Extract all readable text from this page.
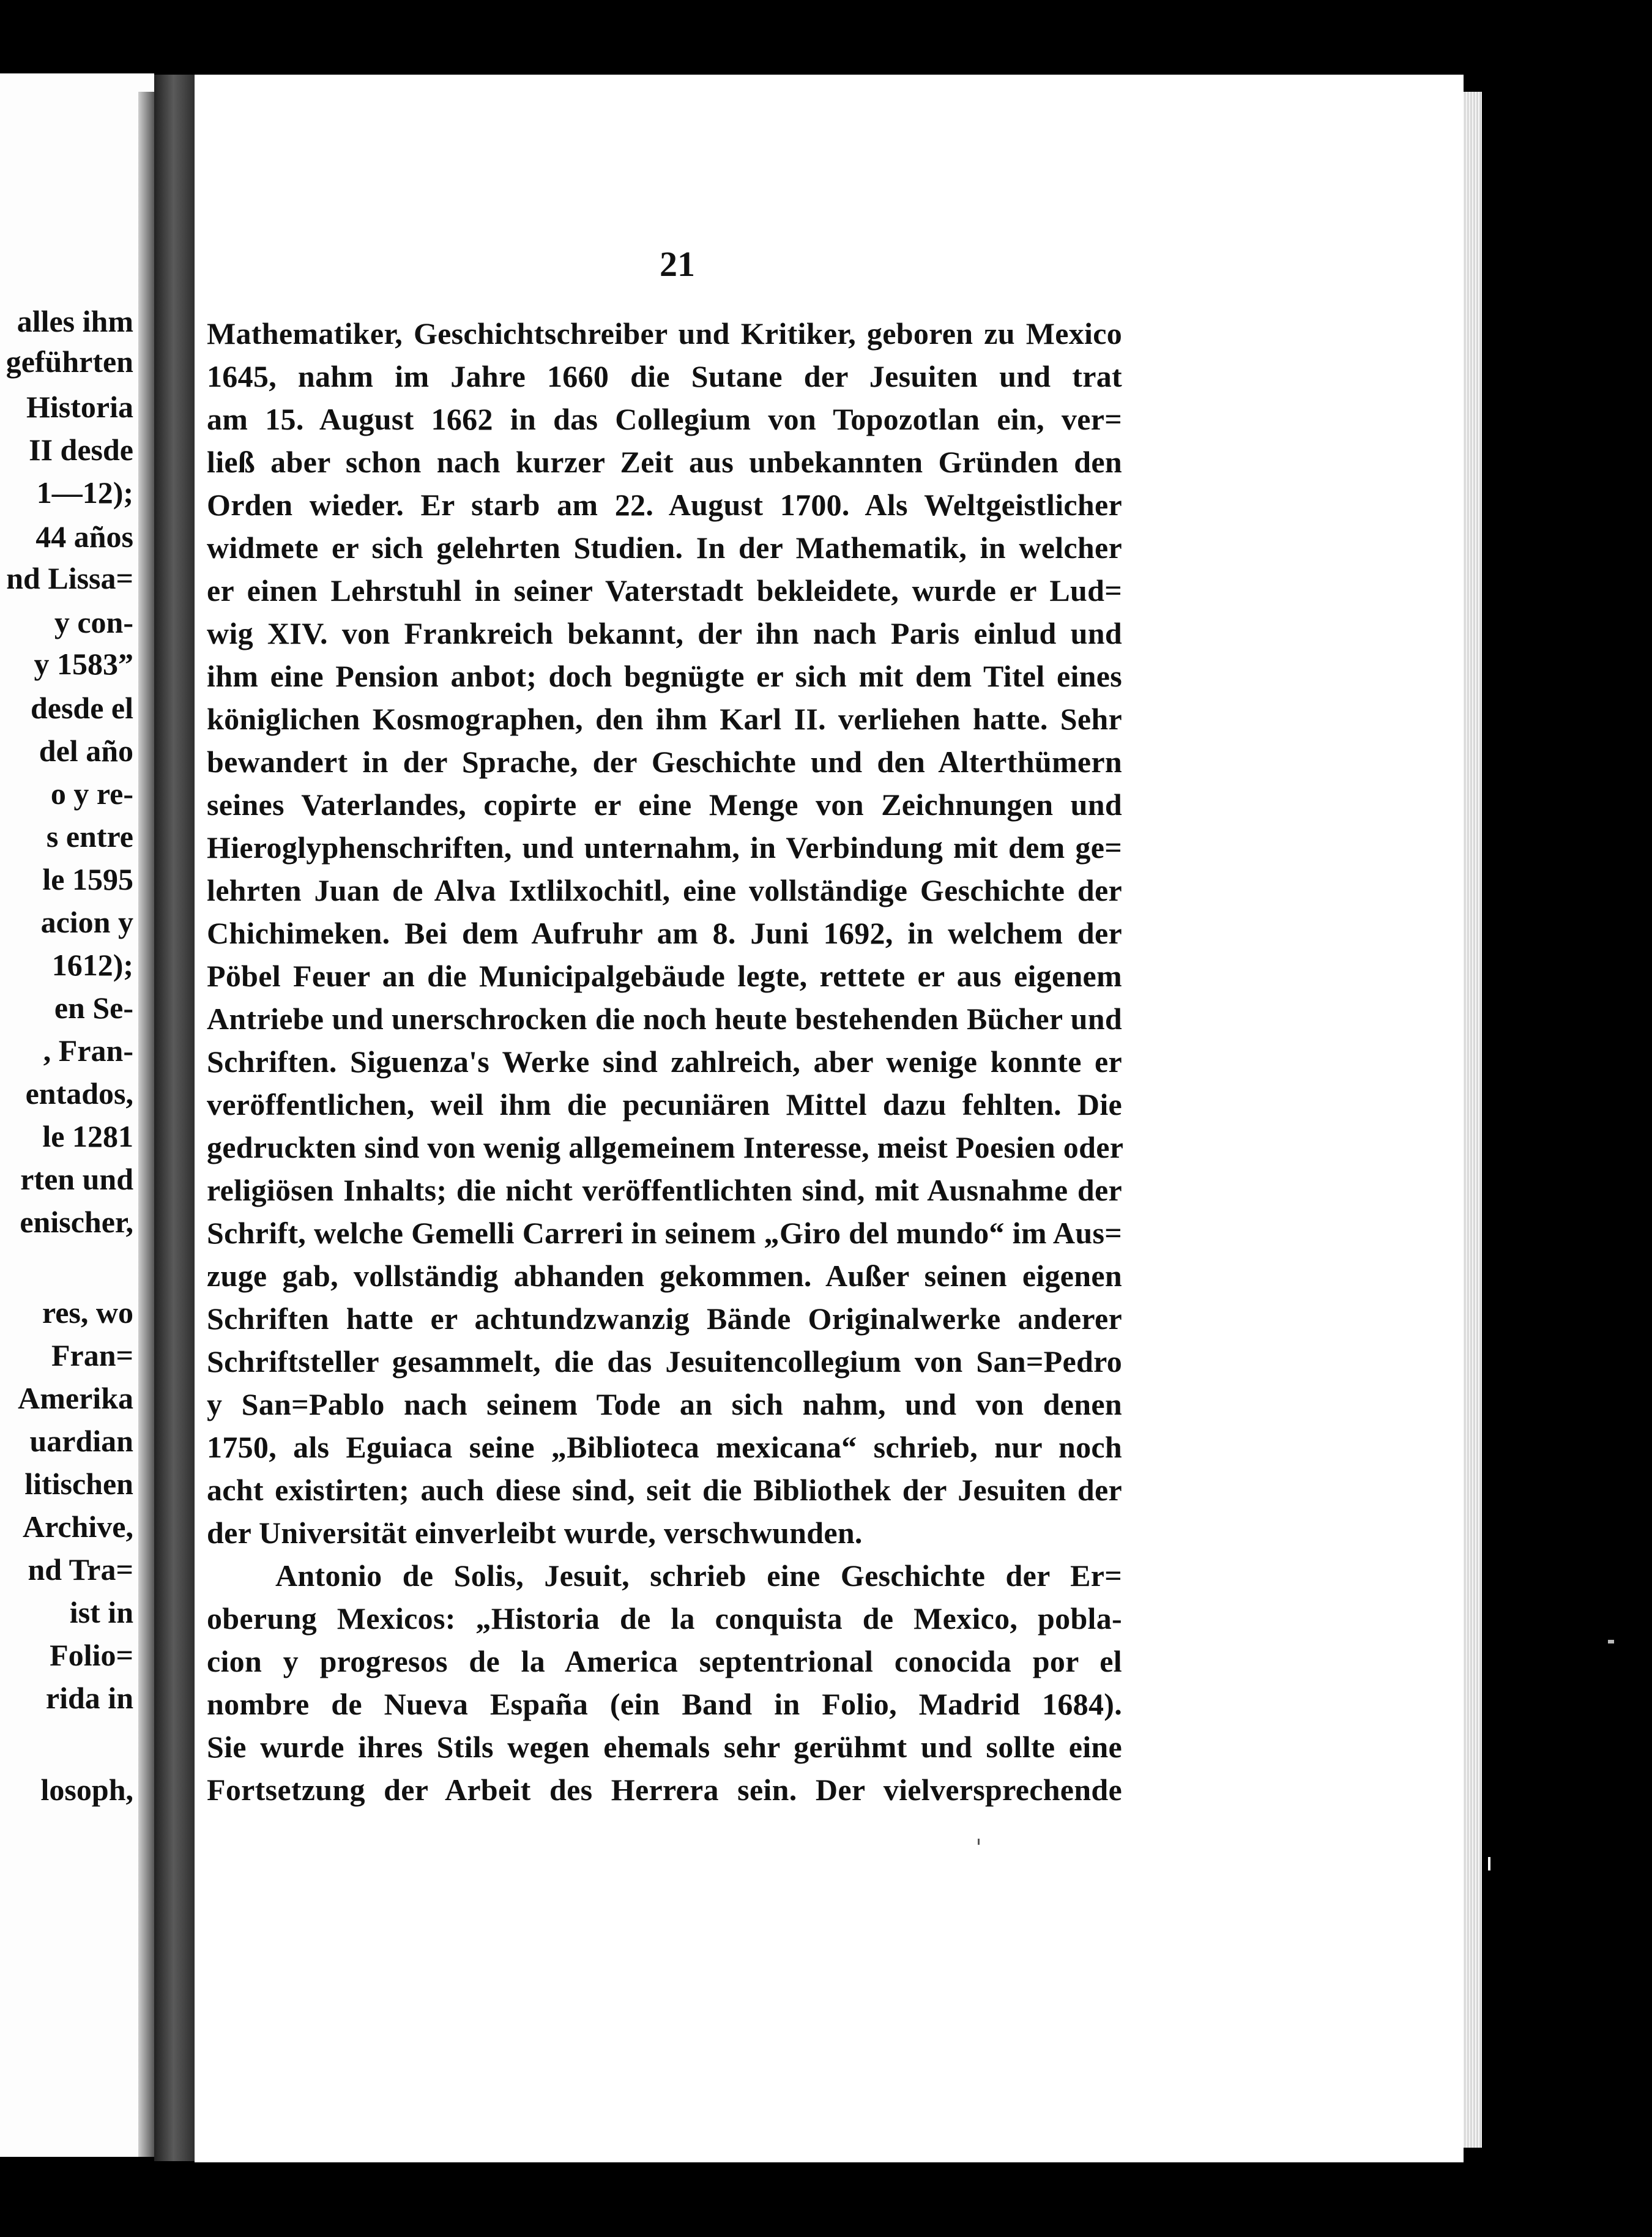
alles ihm
geführten
Historia
II desde
1—12);
44 años
nd Lissa=
y con-
y 1583”
desde el
del año
o y re-
s entre
le 1595
acion y
1612);
en Se-
, Fran-
entados,
le 1281
rten und
enischer,
res, wo
Fran=
Amerika
uardian
litischen
Archive,
nd Tra=
ist in
Folio=
rida in
losoph,
21
Mathematiker, Geschichtschreiber und Kritiker, geboren zu Mexico
1645, nahm im Jahre 1660 die Sutane der Jesuiten und trat
am 15. August 1662 in das Collegium von Topozotlan ein, ver=
ließ aber schon nach kurzer Zeit aus unbekannten Gründen den
Orden wieder. Er starb am 22. August 1700. Als Weltgeistlicher
widmete er sich gelehrten Studien. In der Mathematik, in welcher
er einen Lehrstuhl in seiner Vaterstadt bekleidete, wurde er Lud=
wig XIV. von Frankreich bekannt, der ihn nach Paris einlud und
ihm eine Pension anbot; doch begnügte er sich mit dem Titel eines
königlichen Kosmographen, den ihm Karl II. verliehen hatte. Sehr
bewandert in der Sprache, der Geschichte und den Alterthümern
seines Vaterlandes, copirte er eine Menge von Zeichnungen und
Hieroglyphenschriften, und unternahm, in Verbindung mit dem ge=
lehrten Juan de Alva Ixtlilxochitl, eine vollständige Geschichte der
Chichimeken. Bei dem Aufruhr am 8. Juni 1692, in welchem der
Pöbel Feuer an die Municipalgebäude legte, rettete er aus eigenem
Antriebe und unerschrocken die noch heute bestehenden Bücher und
Schriften. Siguenza's Werke sind zahlreich, aber wenige konnte er
veröffentlichen, weil ihm die pecuniären Mittel dazu fehlten. Die
gedruckten sind von wenig allgemeinem Interesse, meist Poesien oder
religiösen Inhalts; die nicht veröffentlichten sind, mit Ausnahme der
Schrift, welche Gemelli Carreri in seinem „Giro del mundo“ im Aus=
zuge gab, vollständig abhanden gekommen. Außer seinen eigenen
Schriften hatte er achtundzwanzig Bände Originalwerke anderer
Schriftsteller gesammelt, die das Jesuitencollegium von San=Pedro
y San=Pablo nach seinem Tode an sich nahm, und von denen
1750, als Eguiaca seine „Biblioteca mexicana“ schrieb, nur noch
acht existirten; auch diese sind, seit die Bibliothek der Jesuiten der
der Universität einverleibt wurde, verschwunden.
Antonio de Solis, Jesuit, schrieb eine Geschichte der Er=
oberung Mexicos: „Historia de la conquista de Mexico, pobla-
cion y progresos de la America septentrional conocida por el
nombre de Nueva España (ein Band in Folio, Madrid 1684).
Sie wurde ihres Stils wegen ehemals sehr gerühmt und sollte eine
Fortsetzung der Arbeit des Herrera sein. Der vielversprechende
